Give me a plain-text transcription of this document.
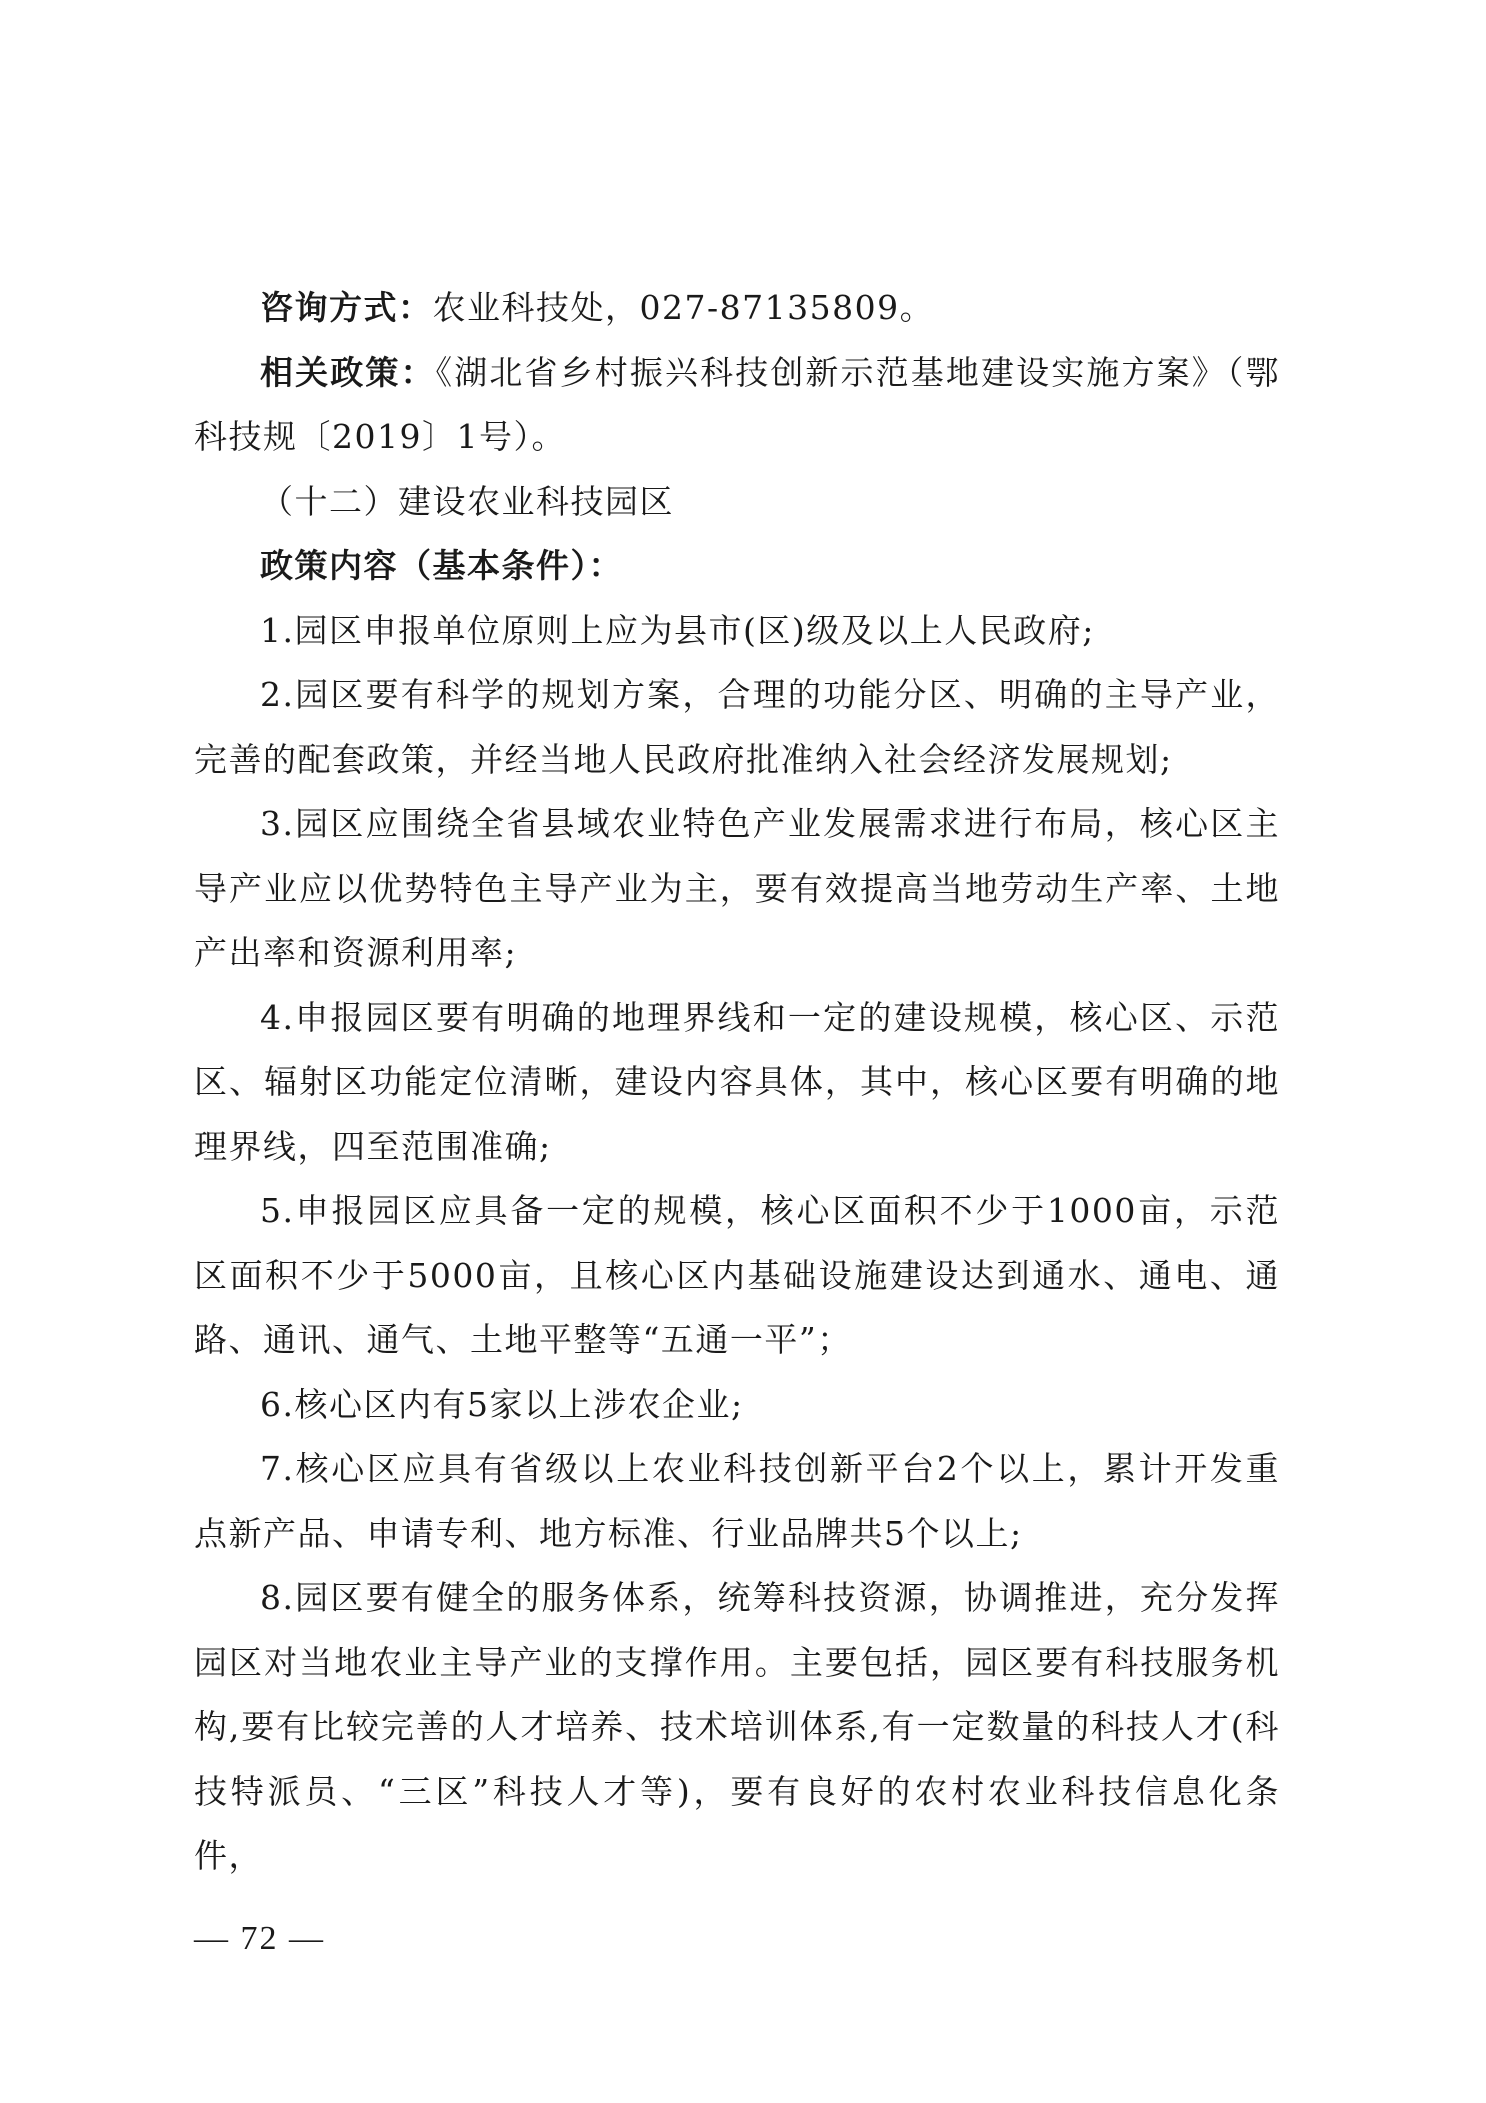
咨询方式：农业科技处，027-87135809。

相关政策：《湖北省乡村振兴科技创新示范基地建设实施方案》（鄂科技规〔2019〕1号）。

（十二）建设农业科技园区

政策内容（基本条件）：

1.园区申报单位原则上应为县市(区)级及以上人民政府;

2.园区要有科学的规划方案，合理的功能分区、明确的主导产业，完善的配套政策，并经当地人民政府批准纳入社会经济发展规划;

3.园区应围绕全省县域农业特色产业发展需求进行布局，核心区主导产业应以优势特色主导产业为主，要有效提高当地劳动生产率、土地产出率和资源利用率;

4.申报园区要有明确的地理界线和一定的建设规模，核心区、示范区、辐射区功能定位清晰，建设内容具体，其中，核心区要有明确的地理界线，四至范围准确;

5.申报园区应具备一定的规模，核心区面积不少于1000亩，示范区面积不少于5000亩，且核心区内基础设施建设达到通水、通电、通路、通讯、通气、土地平整等“五通一平”；

6.核心区内有5家以上涉农企业;

7.核心区应具有省级以上农业科技创新平台2个以上，累计开发重点新产品、申请专利、地方标准、行业品牌共5个以上;

8.园区要有健全的服务体系，统筹科技资源，协调推进，充分发挥园区对当地农业主导产业的支撑作用。主要包括，园区要有科技服务机构,要有比较完善的人才培养、技术培训体系,有一定数量的科技人才(科技特派员、“三区”科技人才等)，要有良好的农村农业科技信息化条件，

— 72 —
